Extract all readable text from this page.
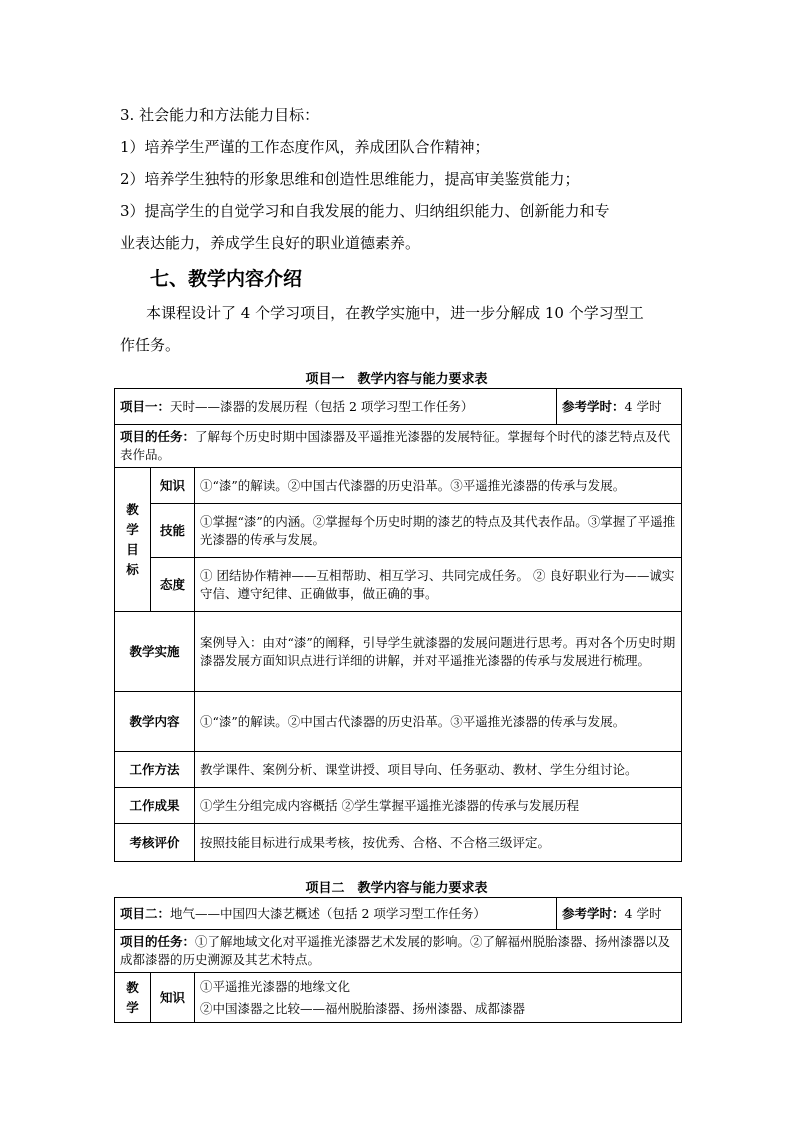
3. 社会能力和方法能力目标：
1）培养学生严谨的工作态度作风，养成团队合作精神；
2）培养学生独特的形象思维和创造性思维能力，提高审美鉴赏能力；
3）提高学生的自觉学习和自我发展的能力、归纳组织能力、创新能力和专
业表达能力，养成学生良好的职业道德素养。
七、教学内容介绍
本课程设计了 4 个学习项目，在教学实施中，进一步分解成 10 个学习型工
作任务。
项目一　教学内容与能力要求表
项目一：天时——漆器的发展历程（包括 2 项学习型工作任务）			参考学时：4 学时
项目的任务：了解每个历史时期中国漆器及平遥推光漆器的发展特征。掌握每个时代的漆艺特点及代表作品。			
教学目标	知识	①“漆”的解读。②中国古代漆器的历史沿革。③平遥推光漆器的传承与发展。	
	技能	①掌握“漆”的内涵。②掌握每个历史时期的漆艺的特点及其代表作品。③掌握了平遥推光漆器的传承与发展。	
	态度	① 团结协作精神——互相帮助、相互学习、共同完成任务。 ② 良好职业行为——诚实守信、遵守纪律、正确做事，做正确的事。	
教学实施		案例导入：由对“漆”的阐释，引导学生就漆器的发展问题进行思考。再对各个历史时期漆器发展方面知识点进行详细的讲解，并对平遥推光漆器的传承与发展进行梳理。	
教学内容		①“漆”的解读。②中国古代漆器的历史沿革。③平遥推光漆器的传承与发展。	
工作方法		教学课件、案例分析、课堂讲授、项目导向、任务驱动、教材、学生分组讨论。	
工作成果		①学生分组完成内容概括 ②学生掌握平遥推光漆器的传承与发展历程	
考核评价		按照技能目标进行成果考核，按优秀、合格、不合格三级评定。	
项目二　教学内容与能力要求表
项目二：地气——中国四大漆艺概述（包括 2 项学习型工作任务）			参考学时：4 学时
项目的任务：①了解地域文化对平遥推光漆器艺术发展的影响。②了解福州脱胎漆器、扬州漆器以及成都漆器的历史溯源及其艺术特点。			
教学	知识	①平遥推光漆器的地缘文化
②中国漆器之比较——福州脱胎漆器、扬州漆器、成都漆器	
